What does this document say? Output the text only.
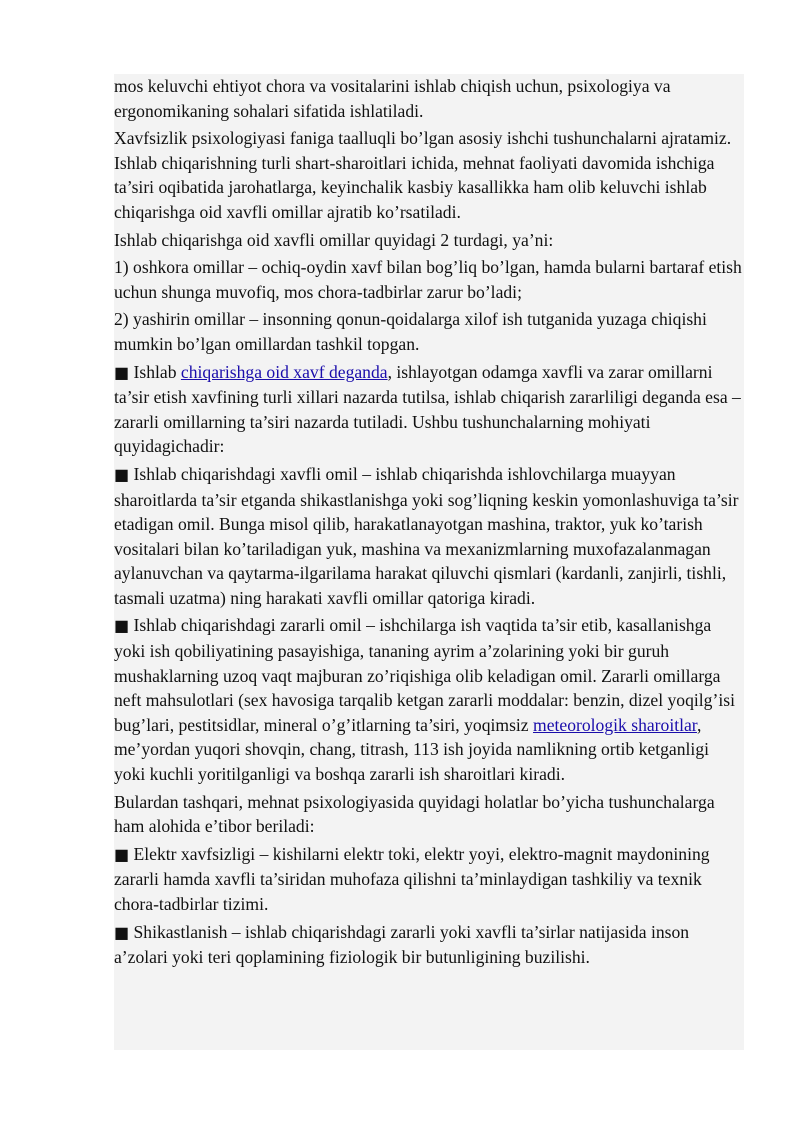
mos keluvchi ehtiyot chora va vositalarini ishlab chiqish uchun, psixologiya va ergonomikaning sohalari sifatida ishlatiladi.
Xavfsizlik psixologiyasi faniga taalluqli bo’lgan asosiy ishchi tushunchalarni ajratamiz. Ishlab chiqarishning turli shart-sharoitlari ichida, mehnat faoliyati davomida ishchiga ta’siri oqibatida jarohatlarga, keyinchalik kasbiy kasallikka ham olib keluvchi ishlab chiqarishga oid xavfli omillar ajratib ko’rsatiladi.
Ishlab chiqarishga oid xavfli omillar quyidagi 2 turdagi, ya’ni:
1) oshkora omillar – ochiq-oydin xavf bilan bog’liq bo’lgan, hamda bularni bartaraf etish uchun shunga muvofiq, mos chora-tadbirlar zarur bo’ladi;
2) yashirin omillar – insonning qonun-qoidalarga xilof ish tutganida yuzaga chiqishi mumkin bo’lgan omillardan tashkil topgan.
■ Ishlab chiqarishga oid xavf deganda, ishlayotgan odamga xavfli va zarar omillarni ta’sir etish xavfining turli xillari nazarda tutilsa, ishlab chiqarish zararliligi deganda esa – zararli omillarning ta’siri nazarda tutiladi. Ushbu tushunchalarning mohiyati quyidagichadir:
■ Ishlab chiqarishdagi xavfli omil – ishlab chiqarishda ishlovchilarga muayyan sharoitlarda ta’sir etganda shikastlanishga yoki sog’liqning keskin yomonlashuviga ta’sir etadigan omil. Bunga misol qilib, harakatlanayotgan mashina, traktor, yuk ko’tarish vositalari bilan ko’tariladigan yuk, mashina va mexanizmlarning muxofazalanmagan aylanuvchan va qaytarma-ilgarilama harakat qiluvchi qismlari (kardanli, zanjirli, tishli, tasmali uzatma) ning harakati xavfli omillar qatoriga kiradi.
■ Ishlab chiqarishdagi zararli omil – ishchilarga ish vaqtida ta’sir etib, kasallanishga yoki ish qobiliyatining pasayishiga, tananing ayrim a’zolarining yoki bir guruh mushaklarning uzoq vaqt majburan zo’riqishiga olib keladigan omil. Zararli omillarga neft mahsulotlari (sex havosiga tarqalib ketgan zararli moddalar: benzin, dizel yoqilg’isi bug’lari, pestitsidlar, mineral o’g’itlarning ta’siri, yoqimsiz meteorologik sharoitlar, me’yordan yuqori shovqin, chang, titrash, 113 ish joyida namlikning ortib ketganligi yoki kuchli yoritilganligi va boshqa zararli ish sharoitlari kiradi.
Bulardan tashqari, mehnat psixologiyasida quyidagi holatlar bo’yicha tushunchalarga ham alohida e’tibor beriladi:
■ Elektr xavfsizligi – kishilarni elektr toki, elektr yoyi, elektro-magnit maydonining zararli hamda xavfli ta’siridan muhofaza qilishni ta’minlaydigan tashkiliy va texnik chora-tadbirlar tizimi.
■ Shikastlanish – ishlab chiqarishdagi zararli yoki xavfli ta’sirlar natijasida inson a’zolari yoki teri qoplamining fiziologik bir butunligining buzilishi.
